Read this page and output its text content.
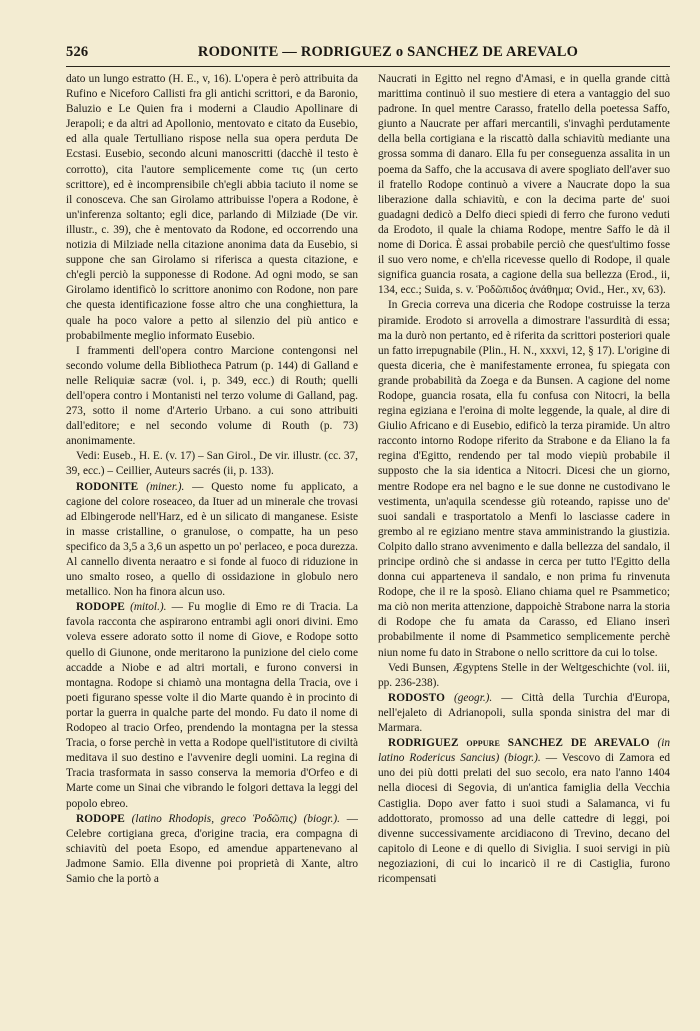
526	RODONITE — RODRIGUEZ o SANCHEZ DE AREVALO

dato un lungo estratto (H. E., v, 16). L'opera è però attribuita da Rufino e Niceforo Callisti fra gli antichi scrittori, e da Baronio, Baluzio e Le Quien fra i moderni a Claudio Apollinare di Jerapoli; e da altri ad Apollonio, mentovato e citato da Eusebio, ed alla quale Tertulliano rispose nella sua opera perduta De Ecstasi. Eusebio, secondo alcuni manoscritti (dacchè il testo è corrotto), cita l'autore semplicemente come τις (un certo scrittore), ed è incomprensibile ch'egli abbia taciuto il nome se il conosceva. Che san Girolamo attribuisse l'opera a Rodone, è un'inferenza soltanto; egli dice, parlando di Milziade (De vir. illustr., c. 39), che è mentovato da Rodone, ed occorrendo una notizia di Milziade nella citazione anonima data da Eusebio, si suppone che san Girolamo si riferisca a questa citazione, e ch'egli perciò la supponesse di Rodone. Ad ogni modo, se san Girolamo identificò lo scrittore anonimo con Rodone, non pare che questa identificazione fosse altro che una congħiettura, la quale ha poco valore a petto al silenzio del più antico e probabilmente meglio informato Eusebio.

I frammenti dell'opera contro Marcione contengonsi nel secondo volume della Bibliotheca Patrum (p. 144) di Galland e nelle Reliquiæ sacræ (vol. i, p. 349, ecc.) di Routh; quelli dell'opera contro i Montanisti nel terzo volume di Galland, pag. 273, sotto il nome d'Arterio Urbano. a cui sono attribuiti dall'editore; e nel secondo volume di Routh (p. 73) anonimamente.

Vedi: Euseb., H. E. (v. 17) – San Girol., De vir. illustr. (cc. 37, 39, ecc.) – Ceillier, Auteurs sacrés (ii, p. 133).

RODONITE (miner.). — Questo nome fu applicato, a cagione del colore roseaceo, da Ituer ad un minerale che trovasi ad Elbingerode nell'Harz, ed è un silicato di manganese. Esiste in masse cristalline, o granulose, o compatte, ha un peso specifico da 3,5 a 3,6 un aspetto un po' perlaceo, e poca durezza. Al cannello diventa neraatro e si fonde al fuoco di riduzione in uno smalto roseo, a quello di ossidazione in globulo nero metallico. Non ha finora alcun uso.

RODOPE (mitol.). — Fu moglie di Emo re di Tracia. La favola racconta che aspirarono entrambi agli onori divini. Emo voleva essere adorato sotto il nome di Giove, e Rodope sotto quello di Giunone, onde meritarono la punizione del cielo come accadde a Niobe e ad altri mortali, e furono conversi in montagna. Rodope si chiamò una montagna della Tracia, ove i poeti figurano spesse volte il dio Marte quando è in procinto di portar la guerra in qualche parte del mondo. Fu dato il nome di Rodopeo al tracio Orfeo, prendendo la montagna per la stessa Tracia, o forse perchè in vetta a Rodope quell'istitutore di civiltà meditava il suo destino e l'avvenire degli uomini. La regina di Tracia trasformata in sasso conserva la memoria d'Orfeo e di Marte come un Sinai che vibrando le folgori dettava la leggi del popolo ebreo.

RODOPE (latino Rhodopis, greco Ῥοδῶπις) (biogr.). — Celebre cortigiana greca, d'origine tracia, era compagna di schiavitù del poeta Esopo, ed amendue appartenevano al Jadmone Samio. Ella divenne poi proprietà di Xante, altro Samio che la portò a

Naucrati in Egitto nel regno d'Amasi, e in quella grande città marittima continuò il suo mestiere di etera a vantaggio del suo padrone. In quel mentre Carasso, fratello della poetessa Saffo, giunto a Naucrate per affari mercantili, s'invaghì perdutamente della bella cortigiana e la riscattò dalla schiavitù mediante una grossa somma di danaro. Ella fu per conseguenza assalita in un poema da Saffo, che la accusava di avere spogliato dell'aver suo il fratello Rodope continuò a vivere a Naucrate dopo la sua liberazione dalla schiavitù, e con la decima parte de' suoi guadagni dedicò a Delfo dieci spiedi di ferro che furono veduti da Erodoto, il quale la chiama Rodope, mentre Saffo le dà il nome di Dorica. È assai probabile perciò che quest'ultimo fosse il suo vero nome, e ch'ella ricevesse quello di Rodope, il quale significa guancia rosata, a cagione della sua bellezza (Erod., ii, 134, ecc.; Suida, s. v. Ῥοδῶπιδος ἀνάθημα; Ovid., Her., xv, 63).

In Grecia correva una diceria che Rodope costruisse la terza piramide. Erodoto si arrovella a dimostrare l'assurdità di essa; ma la durò non pertanto, ed è riferita da scrittori posteriori quale un fatto irrepugnabile (Plin., H. N., xxxvi, 12, § 17). L'origine di questa diceria, che è manifestamente erronea, fu spiegata con grande probabilità da Zoega e da Bunsen. A cagione del nome Rodope, guancia rosata, ella fu confusa con Nitocri, la bella regina egiziana e l'eroina di molte leggende, la quale, al dire di Giulio Africano e di Eusebio, edificò la terza piramide. Un altro racconto intorno Rodope riferito da Strabone e da Eliano la fa regina d'Egitto, rendendo per tal modo viepiù probabile il supposto che la sia identica a Nitocri. Dicesi che un giorno, mentre Rodope era nel bagno e le sue donne ne custodivano le vestimenta, un'aquila scendesse giù roteando, rapisse uno de' suoi sandali e trasportatolo a Menfi lo lasciasse cadere in grembo al re egiziano mentre stava amministrando la giustizia. Colpito dallo strano avvenimento e dalla bellezza del sandalo, il principe ordinò che si andasse in cerca per tutto l'Egitto della donna cui apparteneva il sandalo, e non prima fu rinvenuta Rodope, che il re la sposò. Eliano chiama quel re Psammetico; ma ciò non merita attenzione, dappoichè Strabone narra la storia di Rodope che fu amata da Carasso, ed Eliano inserì probabilmente il nome di Psammetico semplicemente perchè niun nome fu dato in Strabone o nello scrittore da cui lo tolse.

Vedi Bunsen, Ægyptens Stelle in der Weltgeschichte (vol. iii, pp. 236-238).

RODOSTO (geogr.). — Città della Turchia d'Europa, nell'ejaleto di Adrianopoli, sulla sponda sinistra del mar di Marmara.

RODRIGUEZ oppure SANCHEZ DE AREVALO (in latino Rodericus Sancius) (biogr.). — Vescovo di Zamora ed uno dei più dotti prelati del suo secolo, era nato l'anno 1404 nella diocesi di Segovia, di un'antica famiglia della Vecchia Castiglia. Dopo aver fatto i suoi studi a Salamanca, vi fu addottorato, promosso ad una delle cattedre di leggi, poi divenne successivamente arcidiacono di Trevino, decano del capitolo di Leone e di quello di Siviglia. I suoi servigi in più negoziazioni, di cui lo incaricò il re di Castiglia, furono ricompensati
